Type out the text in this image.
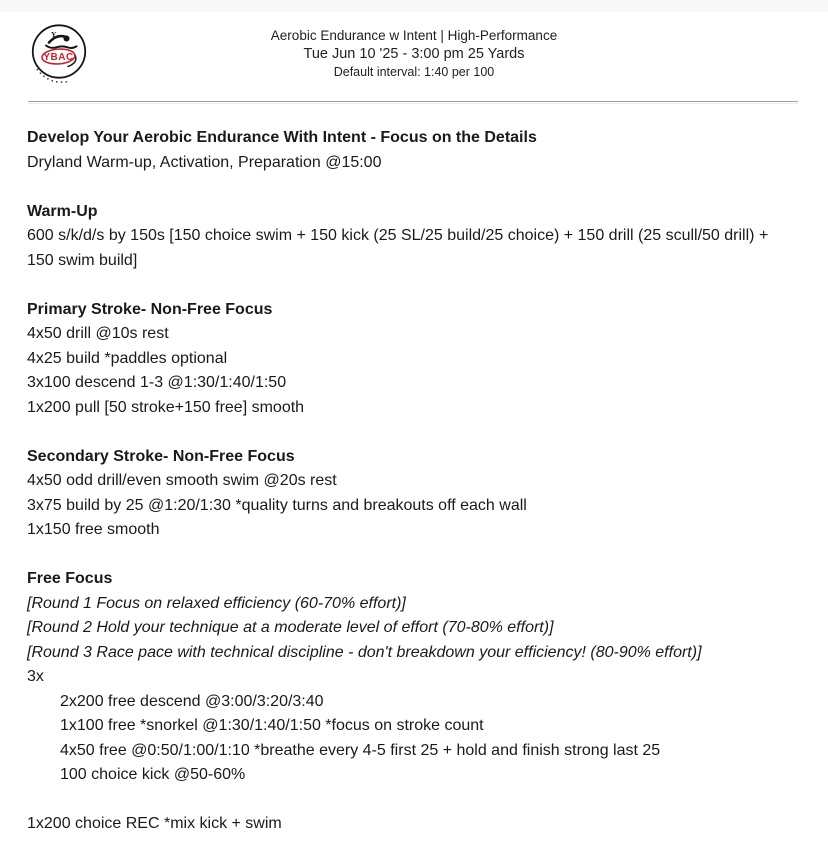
Y
YBAC
Aerobic Endurance w Intent | High-Performance
Tue Jun 10 '25 - 3:00 pm 25 Yards
Default interval: 1:40 per 100

Develop Your Aerobic Endurance With Intent - Focus on the Details

Dryland Warm-up, Activation, Preparation @15:00

Warm-Up

600 s/k/d/s by 150s [150 choice swim + 150 kick (25 SL/25 build/25 choice) + 150 drill (25 scull/50 drill) + 150 swim build]

Primary Stroke- Non-Free Focus

4x50 drill @10s rest

4x25 build *paddles optional

3x100 descend 1-3 @1:30/1:40/1:50

1x200 pull [50 stroke+150 free] smooth

Secondary Stroke- Non-Free Focus

4x50 odd drill/even smooth swim @20s rest

3x75 build by 25 @1:20/1:30 *quality turns and breakouts off each wall

1x150 free smooth

Free Focus

[Round 1 Focus on relaxed efficiency (60-70% effort)]

[Round 2 Hold your technique at a moderate level of effort (70-80% effort)]

[Round 3 Race pace with technical discipline - don't breakdown your efficiency! (80-90% effort)]

3x

2x200 free descend @3:00/3:20/3:40

1x100 free *snorkel @1:30/1:40/1:50 *focus on stroke count

4x50 free @0:50/1:00/1:10 *breathe every 4-5 first 25 + hold and finish strong last 25

100 choice kick @50-60%

1x200 choice REC *mix kick + swim
